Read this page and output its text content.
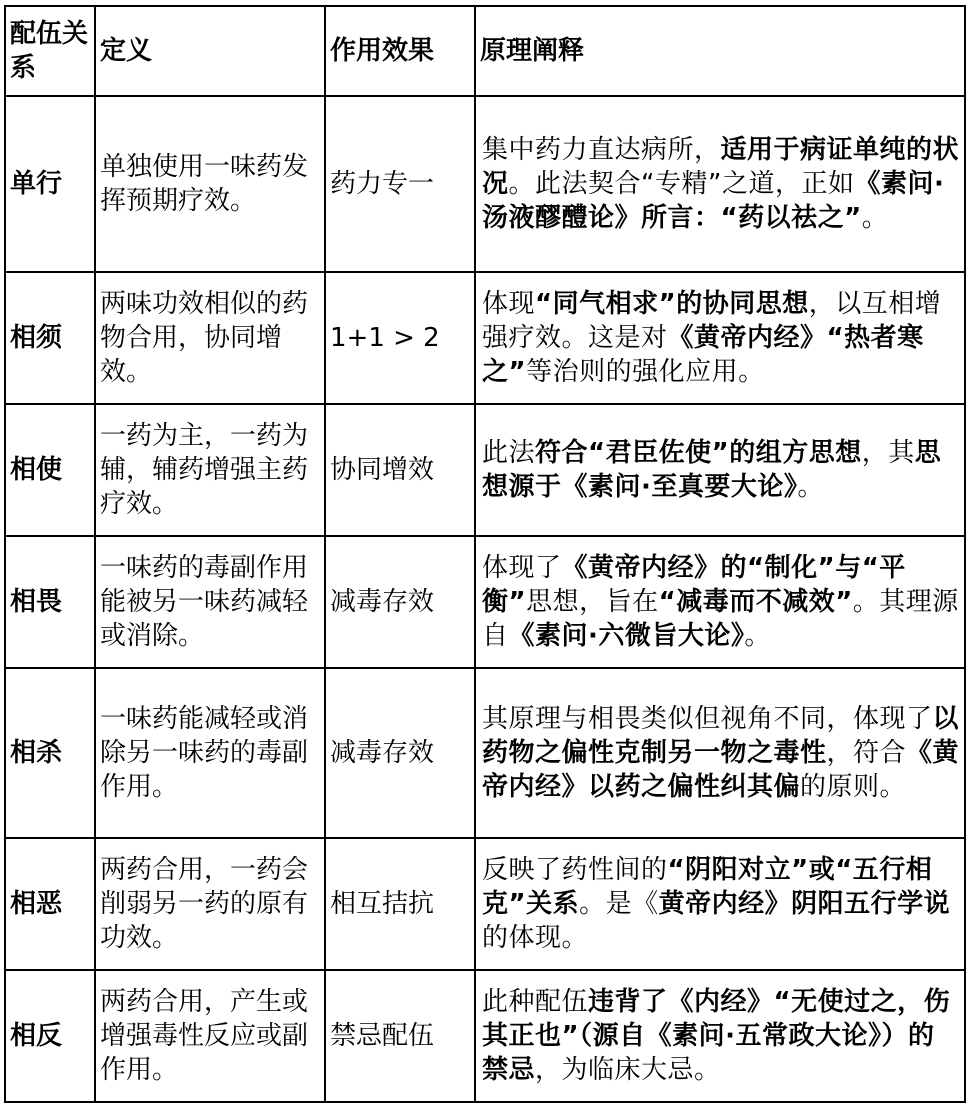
配伍关系	定义	作用效果	原理阐释
单行	单独使用一味药发挥预期疗效。	药力专一	集中药力直达病所，适用于病证单纯的状况。此法契合“专精”之道，正如《素问·汤液醪醴论》所言：“药以祛之”。
相须	两味功效相似的药物合用，协同增效。	1+1 > 2	体现“同气相求”的协同思想，以互相增强疗效。这是对《黄帝内经》“热者寒之”等治则的强化应用。
相使	一药为主，一药为辅，辅药增强主药疗效。	协同增效	此法符合“君臣佐使”的组方思想，其思想源于《素问·至真要大论》。
相畏	一味药的毒副作用能被另一味药减轻或消除。	减毒存效	体现了《黄帝内经》的“制化”与“平衡”思想，旨在“减毒而不减效”。其理源自《素问·六微旨大论》。
相杀	一味药能减轻或消除另一味药的毒副作用。	减毒存效	其原理与相畏类似但视角不同，体现了以药物之偏性克制另一物之毒性，符合《黄帝内经》以药之偏性纠其偏的原则。
相恶	两药合用，一药会削弱另一药的原有功效。	相互拮抗	反映了药性间的“阴阳对立”或“五行相克”关系。是《黄帝内经》阴阳五行学说的体现。
相反	两药合用，产生或增强毒性反应或副作用。	禁忌配伍	此种配伍违背了《内经》“无使过之，伤其正也”（源自《素问·五常政大论》）的禁忌，为临床大忌。
